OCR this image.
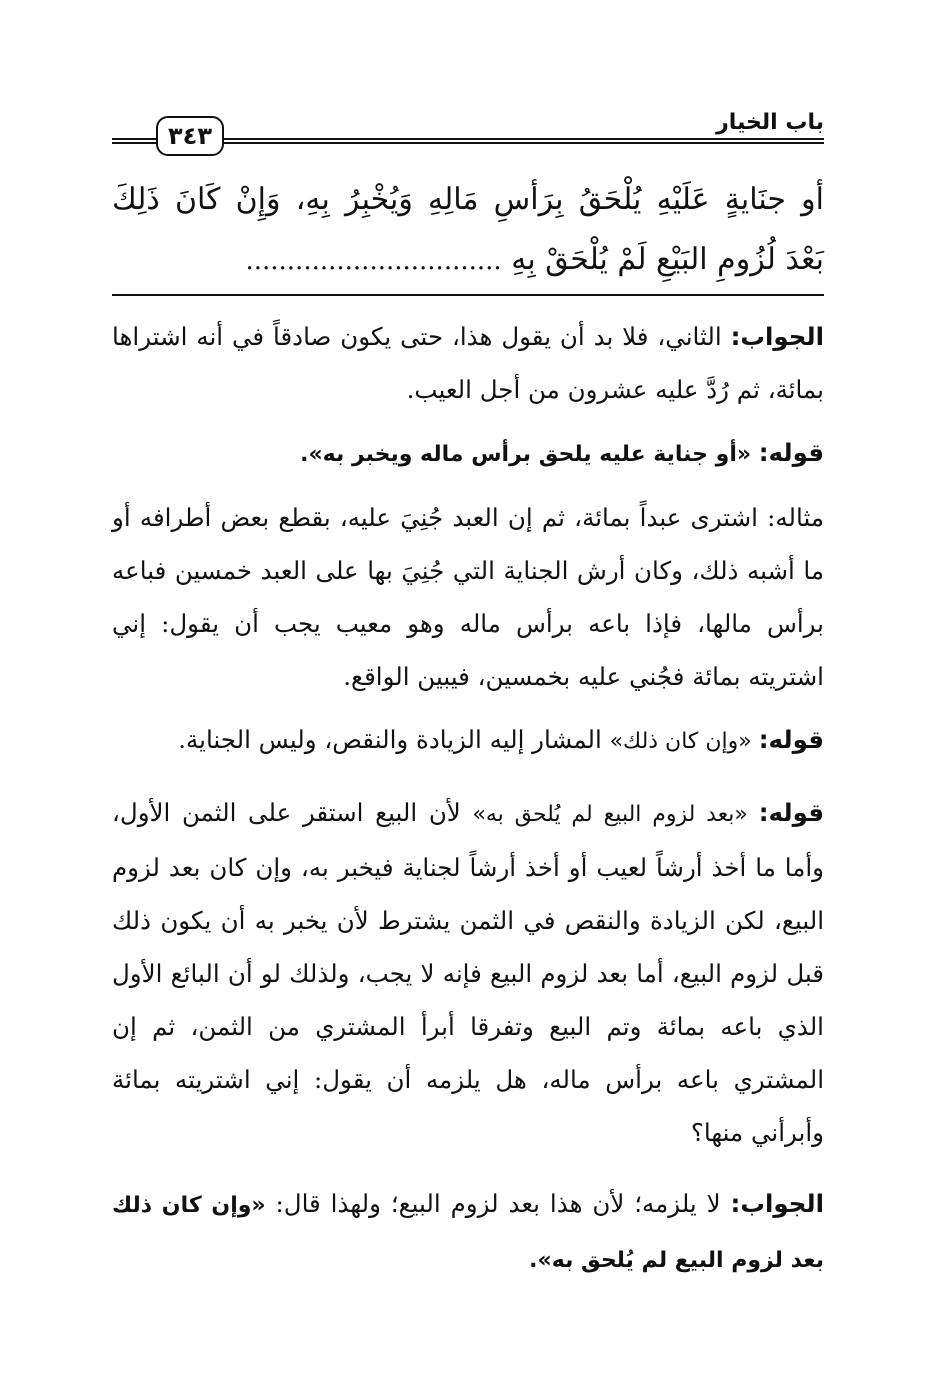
٣٤٣	باب الخيار
أو جنَايةٍ عَلَيْهِ يُلْحَقُ بِرَأسِ مَالِهِ وَيُخْبِرُ بِهِ، وَإِنْ كَانَ ذَلِكَ
بَعْدَ لُزُومِ البَيْعِ لَمْ يُلْحَقْ بِهِ ...............................

الجواب: الثاني، فلا بد أن يقول هذا، حتى يكون صادقاً في أنه اشتراها بمائة، ثم رُدَّ عليه عشرون من أجل العيب.

قوله: «أو جناية عليه يلحق برأس ماله ويخبر به».

مثاله: اشترى عبداً بمائة، ثم إن العبد جُنِيَ عليه، بقطع بعض أطرافه أو ما أشبه ذلك، وكان أرش الجناية التي جُنِيَ بها على العبد خمسين فباعه برأس مالها، فإذا باعه برأس ماله وهو معيب يجب أن يقول: إني اشتريته بمائة فجُني عليه بخمسين، فيبين الواقع.

قوله: «وإن كان ذلك» المشار إليه الزيادة والنقص، وليس الجناية.

قوله: «بعد لزوم البيع لم يُلحق به» لأن البيع استقر على الثمن الأول، وأما ما أخذ أرشاً لعيب أو أخذ أرشاً لجناية فيخبر به، وإن كان بعد لزوم البيع، لكن الزيادة والنقص في الثمن يشترط لأن يخبر به أن يكون ذلك قبل لزوم البيع، أما بعد لزوم البيع فإنه لا يجب، ولذلك لو أن البائع الأول الذي باعه بمائة وتم البيع وتفرقا أبرأ المشتري من الثمن، ثم إن المشتري باعه برأس ماله، هل يلزمه أن يقول: إني اشتريته بمائة وأبرأني منها؟

الجواب: لا يلزمه؛ لأن هذا بعد لزوم البيع؛ ولهذا قال: «وإن كان ذلك بعد لزوم البيع لم يُلحق به».
